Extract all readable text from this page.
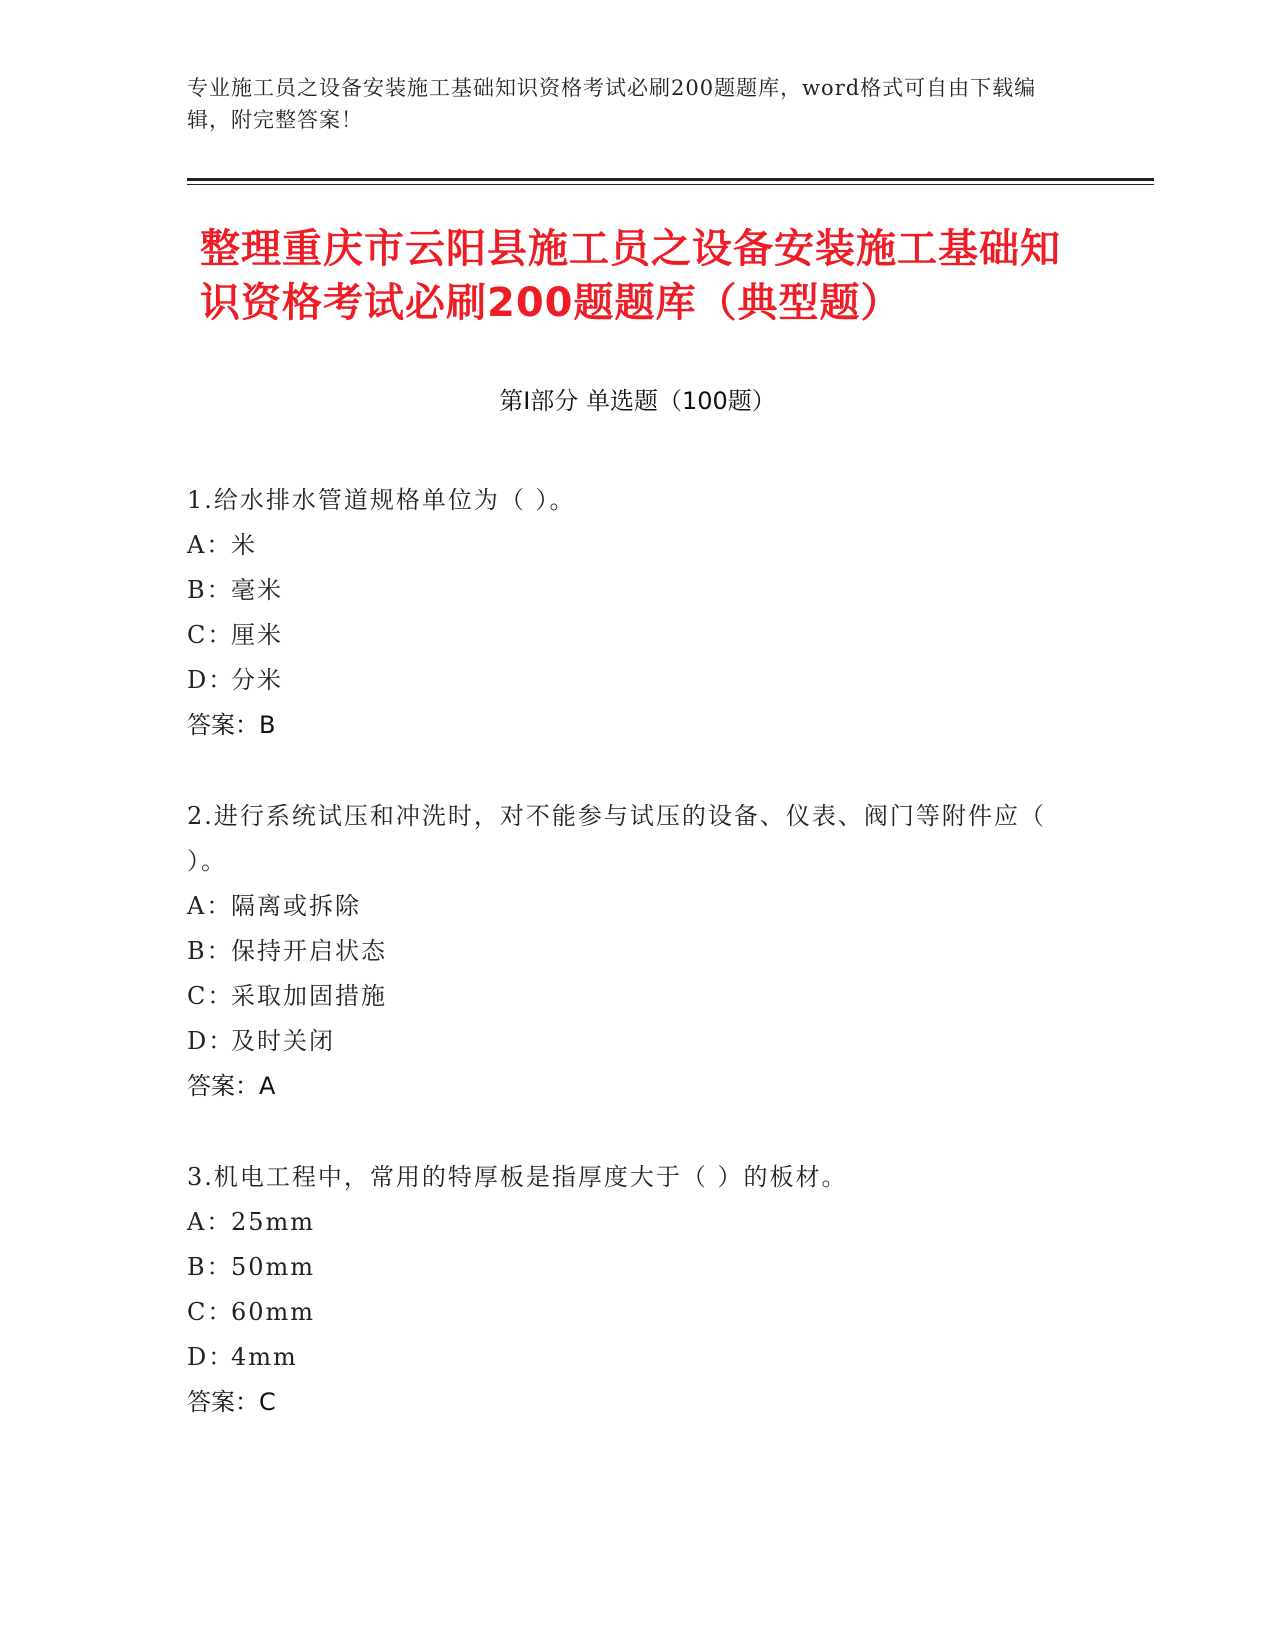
专业施工员之设备安装施工基础知识资格考试必刷200题题库，word格式可自由下载编辑，附完整答案！
整理重庆市云阳县施工员之设备安装施工基础知识资格考试必刷200题题库（典型题）
第Ⅰ部分 单选题（100题）
1.给水排水管道规格单位为（ ）。
A：米
B：毫米
C：厘米
D：分米
答案：B
2.进行系统试压和冲洗时，对不能参与试压的设备、仪表、阀门等附件应（ ）。
A：隔离或拆除
B：保持开启状态
C：采取加固措施
D：及时关闭
答案：A
3.机电工程中，常用的特厚板是指厚度大于（ ）的板材。
A：25mm
B：50mm
C：60mm
D：4mm
答案：C
